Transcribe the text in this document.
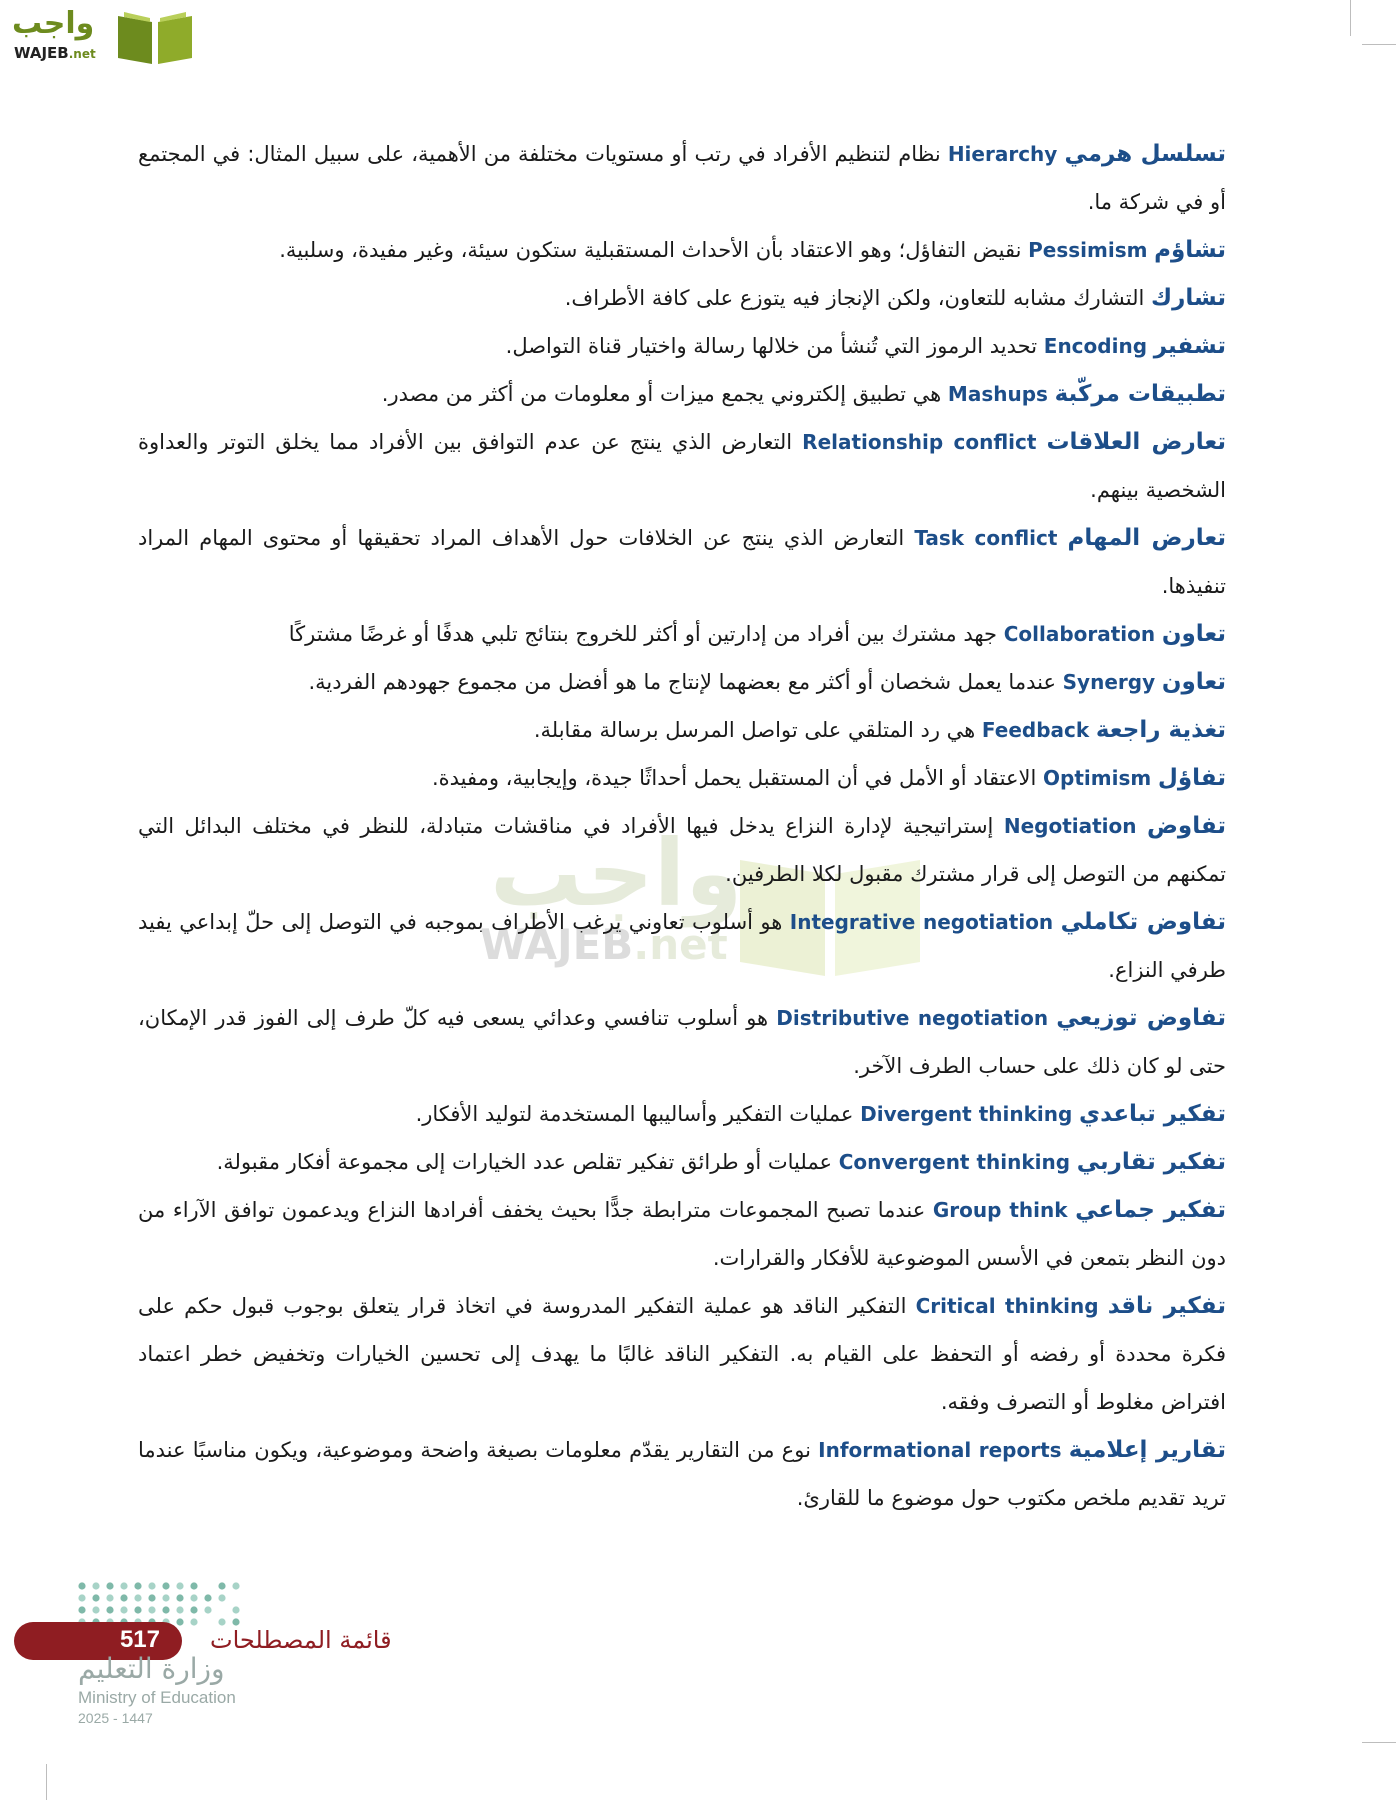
واجب
WAJEB.net
واجب
WAJEB.net

تسلسل هرمي Hierarchy نظام لتنظيم الأفراد في رتب أو مستويات مختلفة من الأهمية، على سبيل المثال: في المجتمع أو في شركة ما.

تشاؤم Pessimism نقيض التفاؤل؛ وهو الاعتقاد بأن الأحداث المستقبلية ستكون سيئة، وغير مفيدة، وسلبية.

تشارك التشارك مشابه للتعاون، ولكن الإنجاز فيه يتوزع على كافة الأطراف.

تشفير Encoding تحديد الرموز التي تُنشأ من خلالها رسالة واختيار قناة التواصل.

تطبيقات مركّبة Mashups هي تطبيق إلكتروني يجمع ميزات أو معلومات من أكثر من مصدر.

تعارض العلاقات Relationship conflict التعارض الذي ينتج عن عدم التوافق بين الأفراد مما يخلق التوتر والعداوة الشخصية بينهم.

تعارض المهام Task conflict التعارض الذي ينتج عن الخلافات حول الأهداف المراد تحقيقها أو محتوى المهام المراد تنفيذها.

تعاون Collaboration جهد مشترك بين أفراد من إدارتين أو أكثر للخروج بنتائج تلبي هدفًا أو غرضًا مشتركًا

تعاون Synergy عندما يعمل شخصان أو أكثر مع بعضهما لإنتاج ما هو أفضل من مجموع جهودهم الفردية.

تغذية راجعة Feedback هي رد المتلقي على تواصل المرسل برسالة مقابلة.

تفاؤل Optimism الاعتقاد أو الأمل في أن المستقبل يحمل أحداثًا جيدة، وإيجابية، ومفيدة.

تفاوض Negotiation إستراتيجية لإدارة النزاع يدخل فيها الأفراد في مناقشات متبادلة، للنظر في مختلف البدائل التي تمكنهم من التوصل إلى قرار مشترك مقبول لكلا الطرفين.

تفاوض تكاملي Integrative negotiation هو أسلوب تعاوني يرغب الأطراف بموجبه في التوصل إلى حلّ إبداعي يفيد طرفي النزاع.

تفاوض توزيعي Distributive negotiation هو أسلوب تنافسي وعدائي يسعى فيه كلّ طرف إلى الفوز قدر الإمكان، حتى لو كان ذلك على حساب الطرف الآخر.

تفكير تباعدي Divergent thinking عمليات التفكير وأساليبها المستخدمة لتوليد الأفكار.

تفكير تقاربي Convergent thinking عمليات أو طرائق تفكير تقلص عدد الخيارات إلى مجموعة أفكار مقبولة.

تفكير جماعي Group think عندما تصبح المجموعات مترابطة جدًّا بحيث يخفف أفرادها النزاع ويدعمون توافق الآراء من دون النظر بتمعن في الأسس الموضوعية للأفكار والقرارات.

تفكير ناقد Critical thinking التفكير الناقد هو عملية التفكير المدروسة في اتخاذ قرار يتعلق بوجوب قبول حكم على فكرة محددة أو رفضه أو التحفظ على القيام به. التفكير الناقد غالبًا ما يهدف إلى تحسين الخيارات وتخفيض خطر اعتماد افتراض مغلوط أو التصرف وفقه.

تقارير إعلامية Informational reports نوع من التقارير يقدّم معلومات بصيغة واضحة وموضوعية، ويكون مناسبًا عندما تريد تقديم ملخص مكتوب حول موضوع ما للقارئ.

517 قائمة المصطلحات
وزارة التعليم
Ministry of Education
2025 - 1447
